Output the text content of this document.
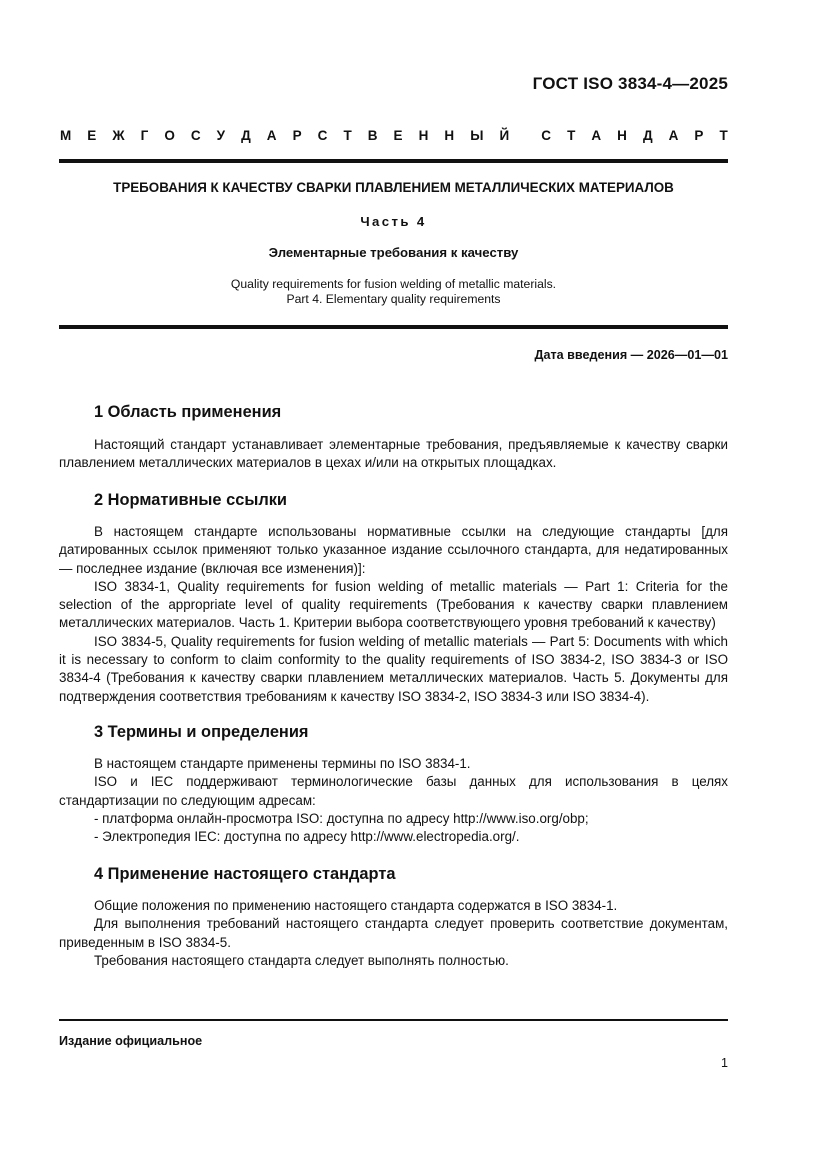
ГОСТ ISO 3834-4—2025
М Е Ж Г О С У Д А Р С Т В Е Н Н Ы Й С Т А Н Д А Р Т
ТРЕБОВАНИЯ К КАЧЕСТВУ СВАРКИ ПЛАВЛЕНИЕМ МЕТАЛЛИЧЕСКИХ МАТЕРИАЛОВ
Часть 4
Элементарные требования к качеству
Quality requirements for fusion welding of metallic materials.
Part 4. Elementary quality requirements
Дата введения — 2026—01—01
1 Область применения

Настоящий стандарт устанавливает элементарные требования, предъявляемые к качеству сварки плавлением металлических материалов в цехах и/или на открытых площадках.

2 Нормативные ссылки

В настоящем стандарте использованы нормативные ссылки на следующие стандарты [для датированных ссылок применяют только указанное издание ссылочного стандарта, для недатированных — последнее издание (включая все изменения)]:

ISO 3834-1, Quality requirements for fusion welding of metallic materials — Part 1: Criteria for the selection of the appropriate level of quality requirements (Требования к качеству сварки плавлением металлических материалов. Часть 1. Критерии выбора соответствующего уровня требований к качеству)

ISO 3834-5, Quality requirements for fusion welding of metallic materials — Part 5: Documents with which it is necessary to conform to claim conformity to the quality requirements of ISO 3834-2, ISO 3834-3 or ISO 3834-4 (Требования к качеству сварки плавлением металлических материалов. Часть 5. Документы для подтверждения соответствия требованиям к качеству ISO 3834-2, ISO 3834-3 или ISO 3834-4).

3 Термины и определения

В настоящем стандарте применены термины по ISO 3834-1.

ISO и IEC поддерживают терминологические базы данных для использования в целях стандартизации по следующим адресам:

- платформа онлайн-просмотра ISO: доступна по адресу http://www.iso.org/obp;

- Электропедия IEC: доступна по адресу http://www.electropedia.org/.

4 Применение настоящего стандарта

Общие положения по применению настоящего стандарта содержатся в ISO 3834-1.

Для выполнения требований настоящего стандарта следует проверить соответствие документам, приведенным в ISO 3834-5.

Требования настоящего стандарта следует выполнять полностью.

Издание официальное
1
